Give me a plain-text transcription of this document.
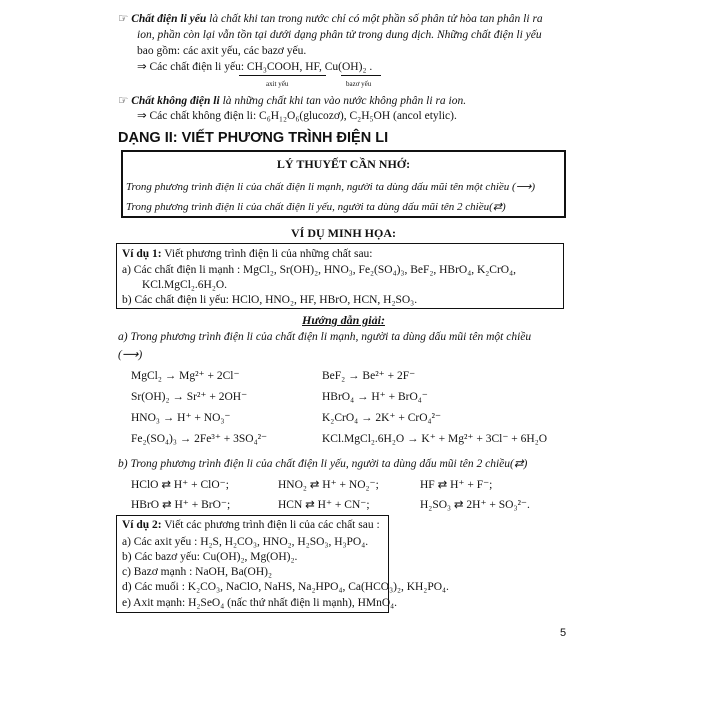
☞ Chất điện li yếu là chất khi tan trong nước chỉ có một phần số phân tử hòa tan phân li ra
ion, phần còn lại vẫn tồn tại dưới dạng phân tử trong dung dịch. Những chất điện li yếu
bao gồm: các axit yếu, các bazơ yếu.
⇒ Các chất điện li yếu: CH₃COOH, HF, Cu(OH)₂ .
axit yếu	bazơ yếu
☞ Chất không điện li là những chất khi tan vào nước không phân li ra ion.
⇒ Các chất không điện li: C₆H₁₂O₆(glucozơ), C₂H₅OH (ancol etylic).
DẠNG II: VIẾT PHƯƠNG TRÌNH ĐIỆN LI
LÝ THUYẾT CẦN NHỚ:
Trong phương trình điện li của chất điện li mạnh, người ta dùng dấu mũi tên một chiều (⟶)
Trong phương trình điện li của chất điện li yếu, người ta dùng dấu mũi tên 2 chiều(⇄)
VÍ DỤ MINH HỌA:
Ví dụ 1: Viết phương trình điện li của những chất sau:
a) Các chất điện li mạnh : MgCl₂, Sr(OH)₂, HNO₃, Fe₂(SO₄)₃, BeF₂, HBrO₄, K₂CrO₄,
KCl.MgCl₂.6H₂O.
b) Các chất điện li yếu: HClO, HNO₂, HF, HBrO, HCN, H₂SO₃.
Hướng dẫn giải:
a) Trong phương trình điện li của chất điện li mạnh, người ta dùng dấu mũi tên một chiều
(⟶)
MgCl₂ → Mg²⁺ + 2Cl⁻	BeF₂ → Be²⁺ + 2F⁻
Sr(OH)₂ → Sr²⁺ + 2OH⁻	HBrO₄ → H⁺ + BrO₄⁻
HNO₃ → H⁺ + NO₃⁻	K₂CrO₄ → 2K⁺ + CrO₄²⁻
Fe₂(SO₄)₃ → 2Fe³⁺ + 3SO₄²⁻	KCl.MgCl₂.6H₂O → K⁺ + Mg²⁺ + 3Cl⁻ + 6H₂O
b) Trong phương trình điện li của chất điện li yếu, người ta dùng dấu mũi tên 2 chiều(⇄)
HClO ⇄ H⁺ + ClO⁻;	HNO₂ ⇄ H⁺ + NO₂⁻;	HF ⇄ H⁺ + F⁻;
HBrO ⇄ H⁺ + BrO⁻;	HCN ⇄ H⁺ + CN⁻;	H₂SO₃ ⇄ 2H⁺ + SO₃²⁻.
Ví dụ 2: Viết các phương trình điện li của các chất sau :
a) Các axit yếu : H₂S, H₂CO₃, HNO₂, H₂SO₃, H₃PO₄.
b) Các bazơ yếu: Cu(OH)₂, Mg(OH)₂.
c) Bazơ mạnh : NaOH, Ba(OH)₂
d) Các muối : K₂CO₃, NaClO, NaHS, Na₂HPO₄, Ca(HCO₃)₂, KH₂PO₄.
e) Axit mạnh: H₂SeO₄ (nấc thứ nhất điện li mạnh), HMnO₄.
5
